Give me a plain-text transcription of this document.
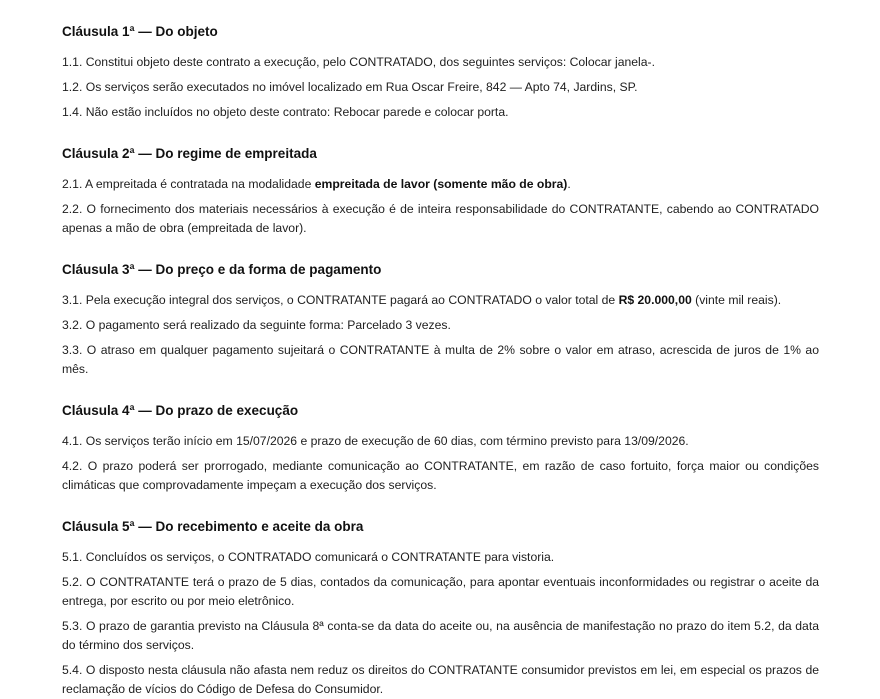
Cláusula 1ª — Do objeto

1.1. Constitui objeto deste contrato a execução, pelo CONTRATADO, dos seguintes serviços: Colocar janela-.

1.2. Os serviços serão executados no imóvel localizado em Rua Oscar Freire, 842 — Apto 74, Jardins, SP.

1.4. Não estão incluídos no objeto deste contrato: Rebocar parede e colocar porta.

Cláusula 2ª — Do regime de empreitada

2.1. A empreitada é contratada na modalidade empreitada de lavor (somente mão de obra).

2.2. O fornecimento dos materiais necessários à execução é de inteira responsabilidade do CONTRATANTE, cabendo ao CONTRATADO apenas a mão de obra (empreitada de lavor).

Cláusula 3ª — Do preço e da forma de pagamento

3.1. Pela execução integral dos serviços, o CONTRATANTE pagará ao CONTRATADO o valor total de R$ 20.000,00 (vinte mil reais).

3.2. O pagamento será realizado da seguinte forma: Parcelado 3 vezes.

3.3. O atraso em qualquer pagamento sujeitará o CONTRATANTE à multa de 2% sobre o valor em atraso, acrescida de juros de 1% ao mês.

Cláusula 4ª — Do prazo de execução

4.1. Os serviços terão início em 15/07/2026 e prazo de execução de 60 dias, com término previsto para 13/09/2026.

4.2. O prazo poderá ser prorrogado, mediante comunicação ao CONTRATANTE, em razão de caso fortuito, força maior ou condições climáticas que comprovadamente impeçam a execução dos serviços.

Cláusula 5ª — Do recebimento e aceite da obra

5.1. Concluídos os serviços, o CONTRATADO comunicará o CONTRATANTE para vistoria.

5.2. O CONTRATANTE terá o prazo de 5 dias, contados da comunicação, para apontar eventuais inconformidades ou registrar o aceite da entrega, por escrito ou por meio eletrônico.

5.3. O prazo de garantia previsto na Cláusula 8ª conta-se da data do aceite ou, na ausência de manifestação no prazo do item 5.2, da data do término dos serviços.

5.4. O disposto nesta cláusula não afasta nem reduz os direitos do CONTRATANTE consumidor previstos em lei, em especial os prazos de reclamação de vícios do Código de Defesa do Consumidor.
